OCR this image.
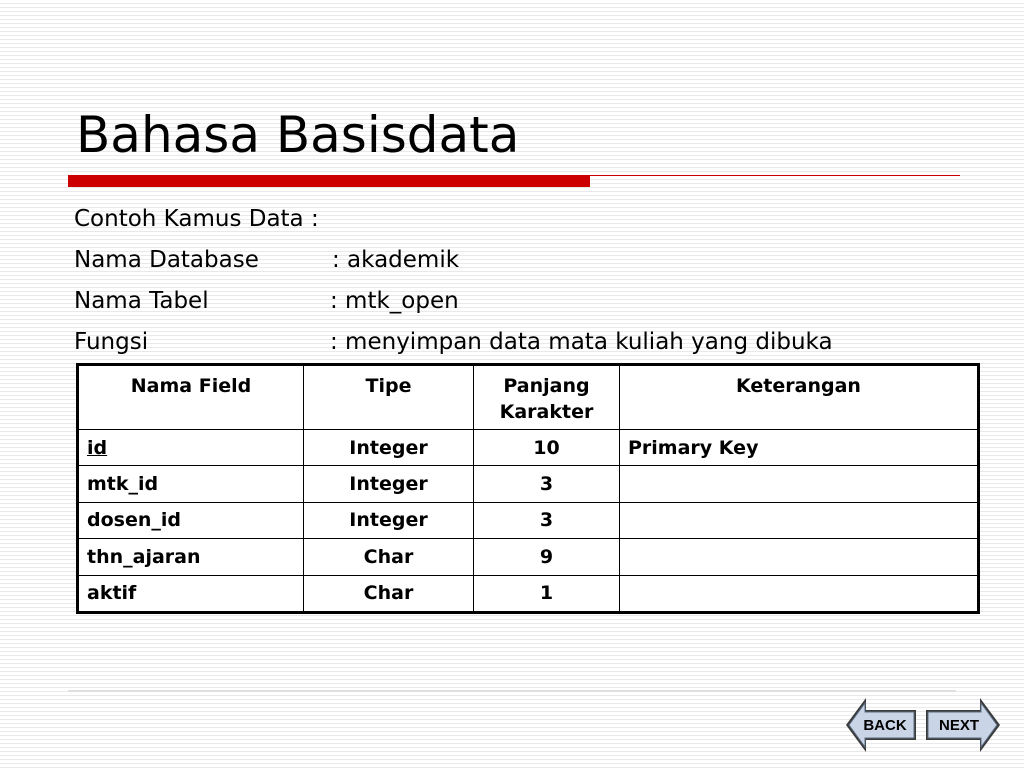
Bahasa Basisdata
Contoh Kamus Data :
Nama Database	: akademik
Nama Tabel	: mtk_open
Fungsi	: menyimpan data mata kuliah yang dibuka
Nama Field	Tipe	Panjang Karakter	Keterangan
id	Integer	10	Primary Key
mtk_id	Integer	3	
dosen_id	Integer	3	
thn_ajaran	Char	9	
aktif	Char	1	
BACK NEXT
